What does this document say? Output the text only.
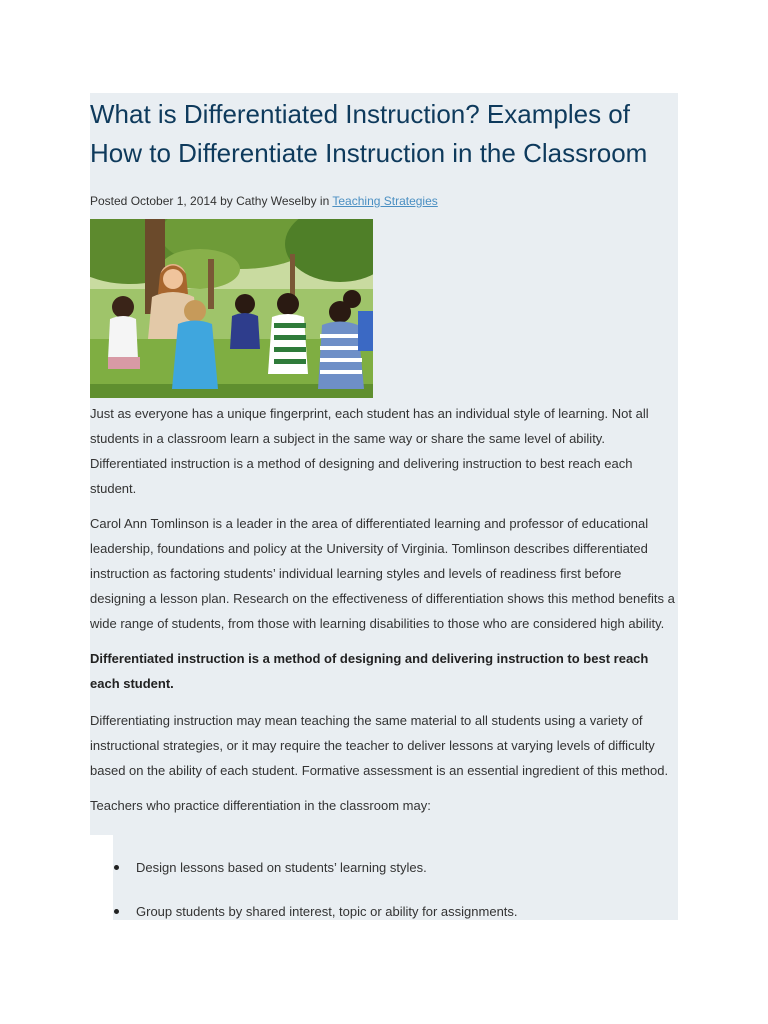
What is Differentiated Instruction? Examples of How to Differentiate Instruction in the Classroom
Posted October 1, 2014 by Cathy Weselby in Teaching Strategies

Just as everyone has a unique fingerprint, each student has an individual style of learning. Not all students in a classroom learn a subject in the same way or share the same level of ability. Differentiated instruction is a method of designing and delivering instruction to best reach each student.

Carol Ann Tomlinson is a leader in the area of differentiated learning and professor of educational leadership, foundations and policy at the University of Virginia. Tomlinson describes differentiated instruction as factoring students’ individual learning styles and levels of readiness first before designing a lesson plan. Research on the effectiveness of differentiation shows this method benefits a wide range of students, from those with learning disabilities to those who are considered high ability.

Differentiated instruction is a method of designing and delivering instruction to best reach each student.

Differentiating instruction may mean teaching the same material to all students using a variety of instructional strategies, or it may require the teacher to deliver lessons at varying levels of difficulty based on the ability of each student. Formative assessment is an essential ingredient of this method.

Teachers who practice differentiation in the classroom may:

Design lessons based on students’ learning styles.
Group students by shared interest, topic or ability for assignments.
